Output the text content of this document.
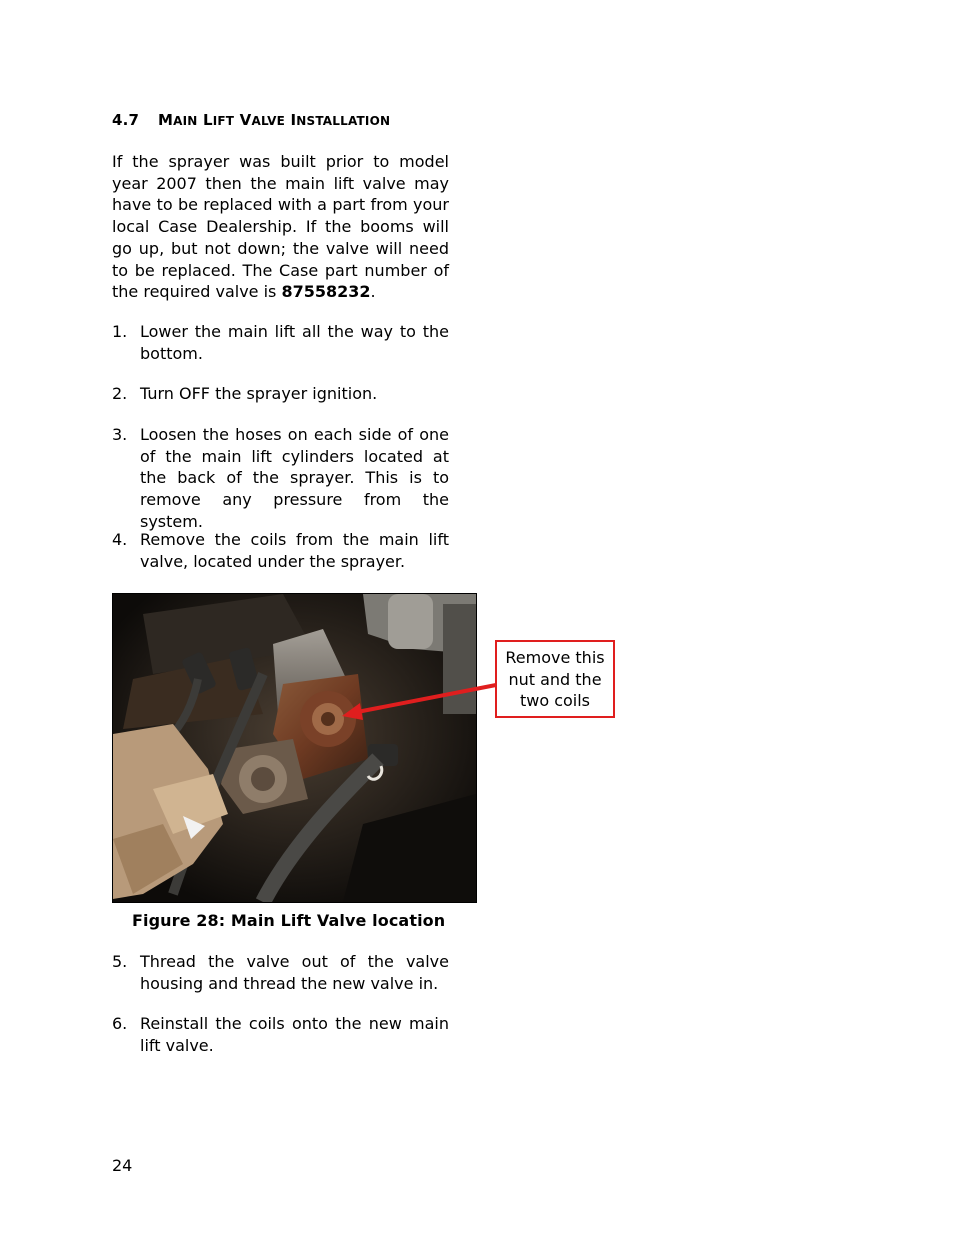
4.7 MAIN LIFT VALVE INSTALLATION
If the sprayer was built prior to model year 2007 then the main lift valve may have to be replaced with a part from your local Case Dealership. If the booms will go up, but not down; the valve will need to be replaced. The Case part number of the required valve is 87558232.
1. Lower the main lift all the way to the bottom.
2. Turn OFF the sprayer ignition.
3. Loosen the hoses on each side of one of the main lift cylinders located at the back of the sprayer. This is to remove any pressure from the system.
4. Remove the coils from the main lift valve, located under the sprayer.
Remove this
nut and the
two coils
Figure 28: Main Lift Valve location
5. Thread the valve out of the valve housing and thread the new valve in.
6. Reinstall the coils onto the new main lift valve.
24
